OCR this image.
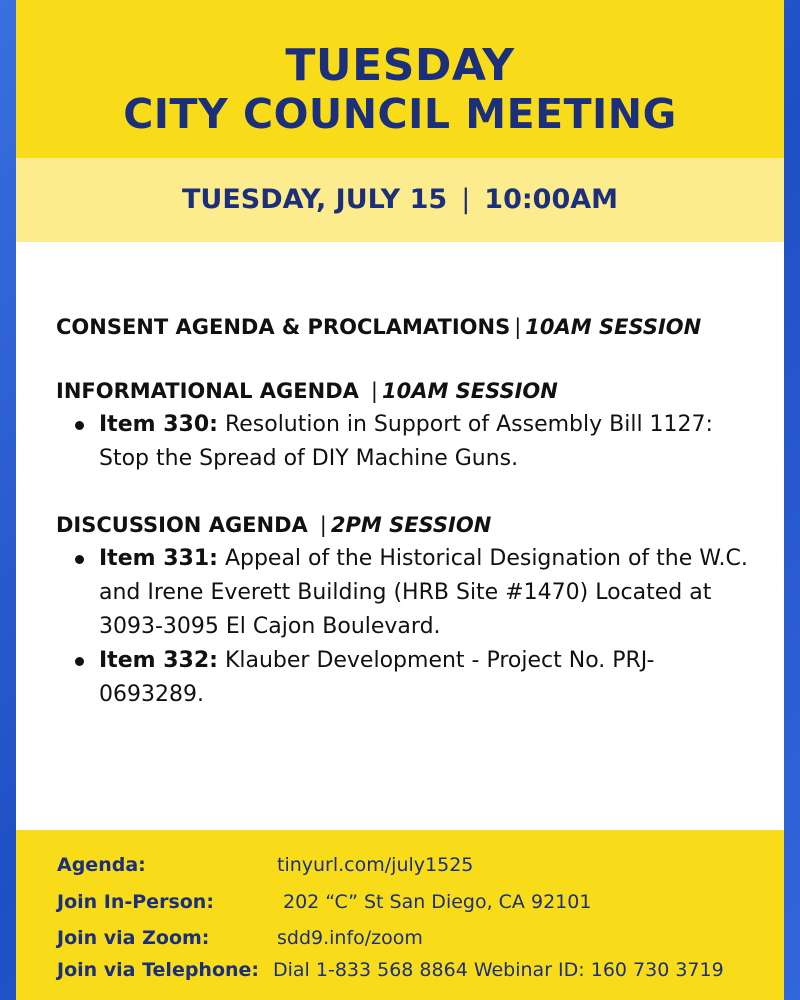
TUESDAY
CITY COUNCIL MEETING
TUESDAY, JULY 15 | 10:00AM
CONSENT AGENDA & PROCLAMATIONS | 10AM SESSION
INFORMATIONAL AGENDA | 10AM SESSION
Item 330: Resolution in Support of Assembly Bill 1127: Stop the Spread of DIY Machine Guns.
DISCUSSION AGENDA | 2PM SESSION
Item 331: Appeal of the Historical Designation of the W.C. and Irene Everett Building (HRB Site #1470) Located at 3093-3095 El Cajon Boulevard.
Item 332: Klauber Development - Project No. PRJ-0693289.
Agenda:	tinyurl.com/july1525
Join In-Person:	202 “C” St San Diego, CA 92101
Join via Zoom:	sdd9.info/zoom
Join via Telephone: Dial 1-833 568 8864 Webinar ID: 160 730 3719
